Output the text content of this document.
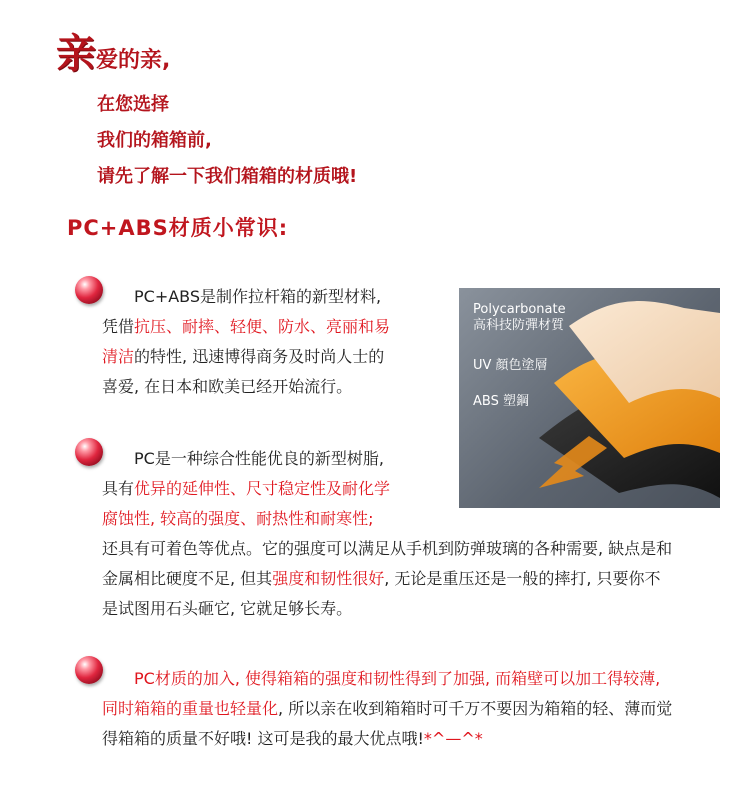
亲爱的亲,
在您选择
我们的箱箱前,
请先了解一下我们箱箱的材质哦!
PC+ABS材质小常识:
PC+ABS是制作拉杆箱的新型材料,
凭借抗压、耐摔、轻便、防水、亮丽和易
清洁的特性, 迅速博得商务及时尚人士的
喜爱, 在日本和欧美已经开始流行。
Polycarbonate
高科技防彈材質
UV 顏色塗層
ABS 塑鋼
PC是一种综合性能优良的新型树脂,
具有优异的延伸性、尺寸稳定性及耐化学
腐蚀性, 较高的强度、耐热性和耐寒性;
还具有可着色等优点。它的强度可以满足从手机到防弹玻璃的各种需要, 缺点是和
金属相比硬度不足, 但其强度和韧性很好, 无论是重压还是一般的摔打, 只要你不
是试图用石头砸它, 它就足够长寿。
PC材质的加入, 使得箱箱的强度和韧性得到了加强, 而箱壁可以加工得较薄,
同时箱箱的重量也轻量化, 所以亲在收到箱箱时可千万不要因为箱箱的轻、薄而觉
得箱箱的质量不好哦! 这可是我的最大优点哦!*^—^*
